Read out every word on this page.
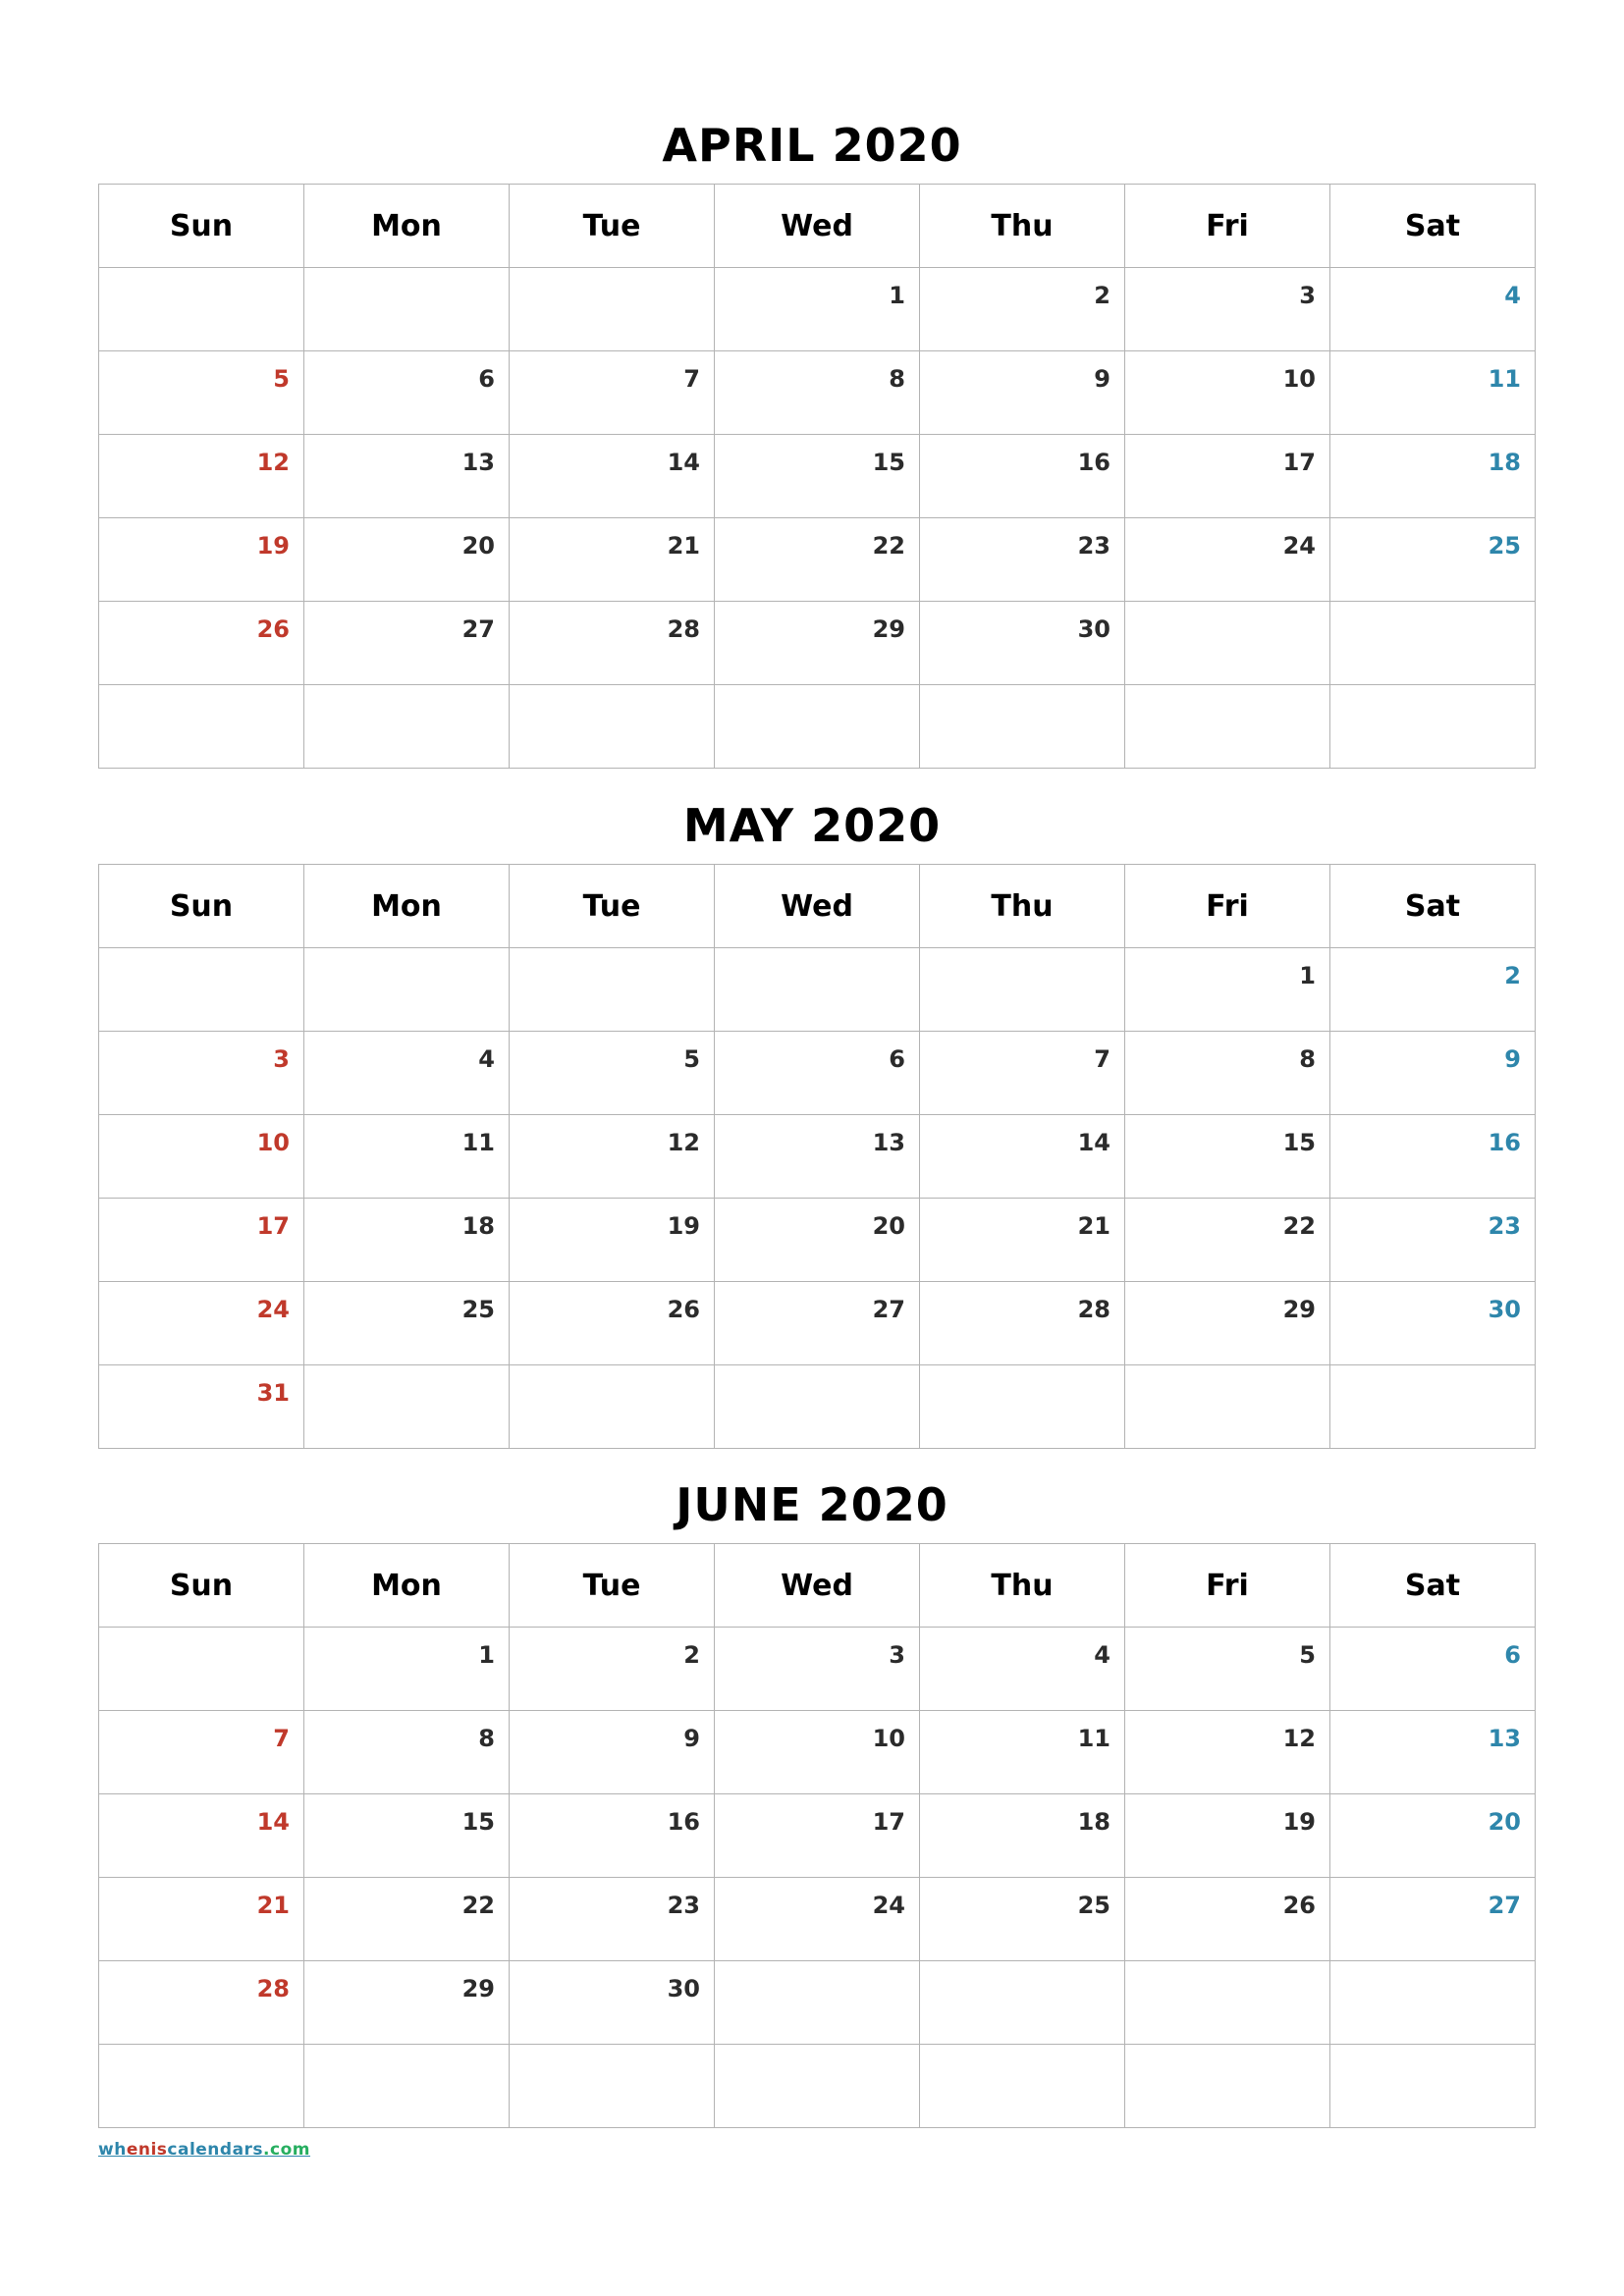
APRIL 2020
Sun	Mon	Tue	Wed	Thu	Fri	Sat

			1	2	3	4

5	6	7	8	9	10	11

12	13	14	15	16	17	18

19	20	21	22	23	24	25

26	27	28	29	30		

MAY 2020
Sun	Mon	Tue	Wed	Thu	Fri	Sat

					1	2

3	4	5	6	7	8	9

10	11	12	13	14	15	16

17	18	19	20	21	22	23

24	25	26	27	28	29	30

31						

JUNE 2020
Sun	Mon	Tue	Wed	Thu	Fri	Sat

	1	2	3	4	5	6

7	8	9	10	11	12	13

14	15	16	17	18	19	20

21	22	23	24	25	26	27

28	29	30				

wheniscalendars.com
